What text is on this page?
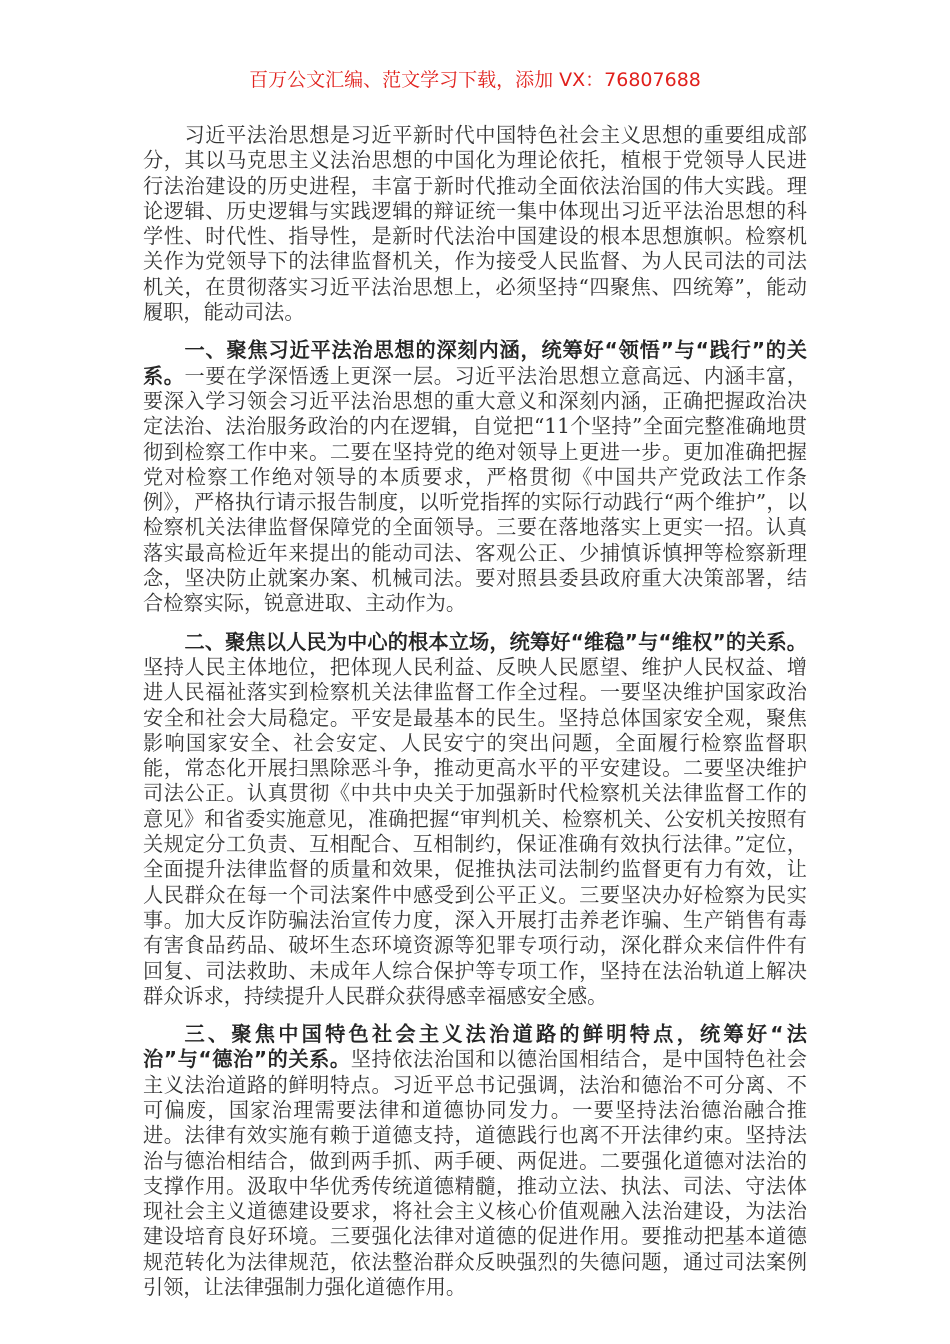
百万公文汇编、范文学习下载，添加 VX：76807688

习近平法治思想是习近平新时代中国特色社会主义思想的重要组成部分，其以马克思主义法治思想的中国化为理论依托，植根于党领导人民进行法治建设的历史进程，丰富于新时代推动全面依法治国的伟大实践。理论逻辑、历史逻辑与实践逻辑的辩证统一集中体现出习近平法治思想的科学性、时代性、指导性，是新时代法治中国建设的根本思想旗帜。检察机关作为党领导下的法律监督机关，作为接受人民监督、为人民司法的司法机关，在贯彻落实习近平法治思想上，必须坚持“四聚焦、四统筹”，能动履职，能动司法。

一、聚焦习近平法治思想的深刻内涵，统筹好“领悟”与“践行”的关系。一要在学深悟透上更深一层。习近平法治思想立意高远、内涵丰富，要深入学习领会习近平法治思想的重大意义和深刻内涵，正确把握政治决定法治、法治服务政治的内在逻辑，自觉把“11个坚持”全面完整准确地贯彻到检察工作中来。二要在坚持党的绝对领导上更进一步。更加准确把握党对检察工作绝对领导的本质要求，严格贯彻《中国共产党政法工作条例》，严格执行请示报告制度，以听党指挥的实际行动践行“两个维护”，以检察机关法律监督保障党的全面领导。三要在落地落实上更实一招。认真落实最高检近年来提出的能动司法、客观公正、少捕慎诉慎押等检察新理念，坚决防止就案办案、机械司法。要对照县委县政府重大决策部署，结合检察实际，锐意进取、主动作为。

二、聚焦以人民为中心的根本立场，统筹好“维稳”与“维权”的关系。坚持人民主体地位，把体现人民利益、反映人民愿望、维护人民权益、增进人民福祉落实到检察机关法律监督工作全过程。一要坚决维护国家政治安全和社会大局稳定。平安是最基本的民生。坚持总体国家安全观，聚焦影响国家安全、社会安定、人民安宁的突出问题，全面履行检察监督职能，常态化开展扫黑除恶斗争，推动更高水平的平安建设。二要坚决维护司法公正。认真贯彻《中共中央关于加强新时代检察机关法律监督工作的意见》和省委实施意见，准确把握“审判机关、检察机关、公安机关按照有关规定分工负责、互相配合、互相制约，保证准确有效执行法律。”定位，全面提升法律监督的质量和效果，促推执法司法制约监督更有力有效，让人民群众在每一个司法案件中感受到公平正义。三要坚决办好检察为民实事。加大反诈防骗法治宣传力度，深入开展打击养老诈骗、生产销售有毒有害食品药品、破坏生态环境资源等犯罪专项行动，深化群众来信件件有回复、司法救助、未成年人综合保护等专项工作，坚持在法治轨道上解决群众诉求，持续提升人民群众获得感幸福感安全感。

三、聚焦中国特色社会主义法治道路的鲜明特点，统筹好“法治”与“德治”的关系。坚持依法治国和以德治国相结合，是中国特色社会主义法治道路的鲜明特点。习近平总书记强调，法治和德治不可分离、不可偏废，国家治理需要法律和道德协同发力。一要坚持法治德治融合推进。法律有效实施有赖于道德支持，道德践行也离不开法律约束。坚持法治与德治相结合，做到两手抓、两手硬、两促进。二要强化道德对法治的支撑作用。汲取中华优秀传统道德精髓，推动立法、执法、司法、守法体现社会主义道德建设要求，将社会主义核心价值观融入法治建设，为法治建设培育良好环境。三要强化法律对道德的促进作用。要推动把基本道德规范转化为法律规范，依法整治群众反映强烈的失德问题，通过司法案例引领，让法律强制力强化道德作用。
